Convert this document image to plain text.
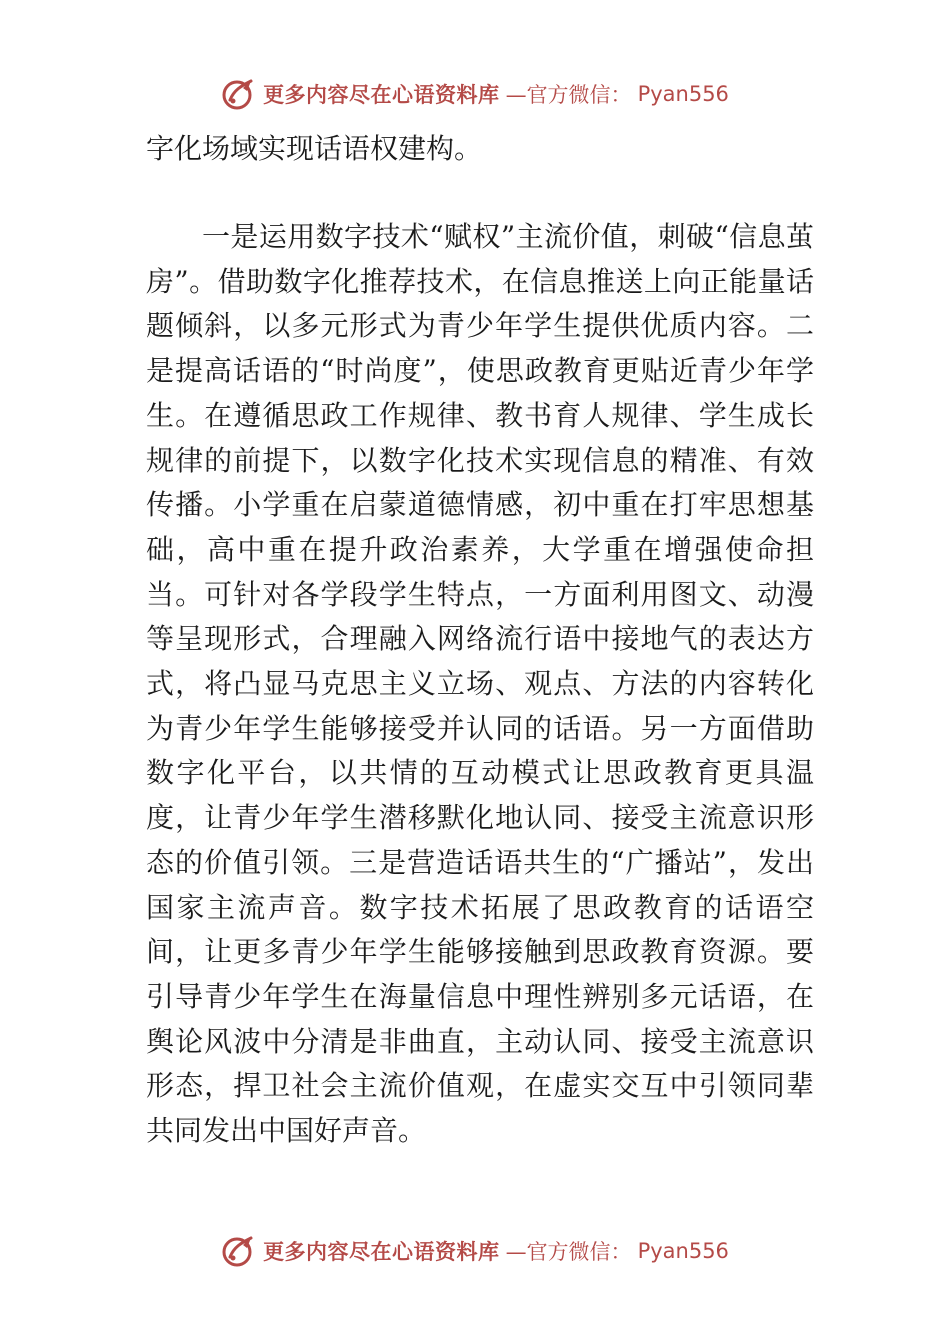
更多内容尽在心语资料库 —官方微信： Pyan556

字化场域实现话语权建构。

一是运用数字技术“赋权”主流价值，刺破“信息茧房”。借助数字化推荐技术，在信息推送上向正能量话题倾斜，以多元形式为青少年学生提供优质内容。二是提高话语的“时尚度”，使思政教育更贴近青少年学生。在遵循思政工作规律、教书育人规律、学生成长规律的前提下，以数字化技术实现信息的精准、有效传播。小学重在启蒙道德情感，初中重在打牢思想基础，高中重在提升政治素养，大学重在增强使命担当。可针对各学段学生特点，一方面利用图文、动漫等呈现形式，合理融入网络流行语中接地气的表达方式，将凸显马克思主义立场、观点、方法的内容转化为青少年学生能够接受并认同的话语。另一方面借助数字化平台，以共情的互动模式让思政教育更具温度，让青少年学生潜移默化地认同、接受主流意识形态的价值引领。三是营造话语共生的“广播站”，发出国家主流声音。数字技术拓展了思政教育的话语空间，让更多青少年学生能够接触到思政教育资源。要引导青少年学生在海量信息中理性辨别多元话语，在舆论风波中分清是非曲直，主动认同、接受主流意识形态，捍卫社会主流价值观，在虚实交互中引领同辈共同发出中国好声音。

更多内容尽在心语资料库 —官方微信： Pyan556
